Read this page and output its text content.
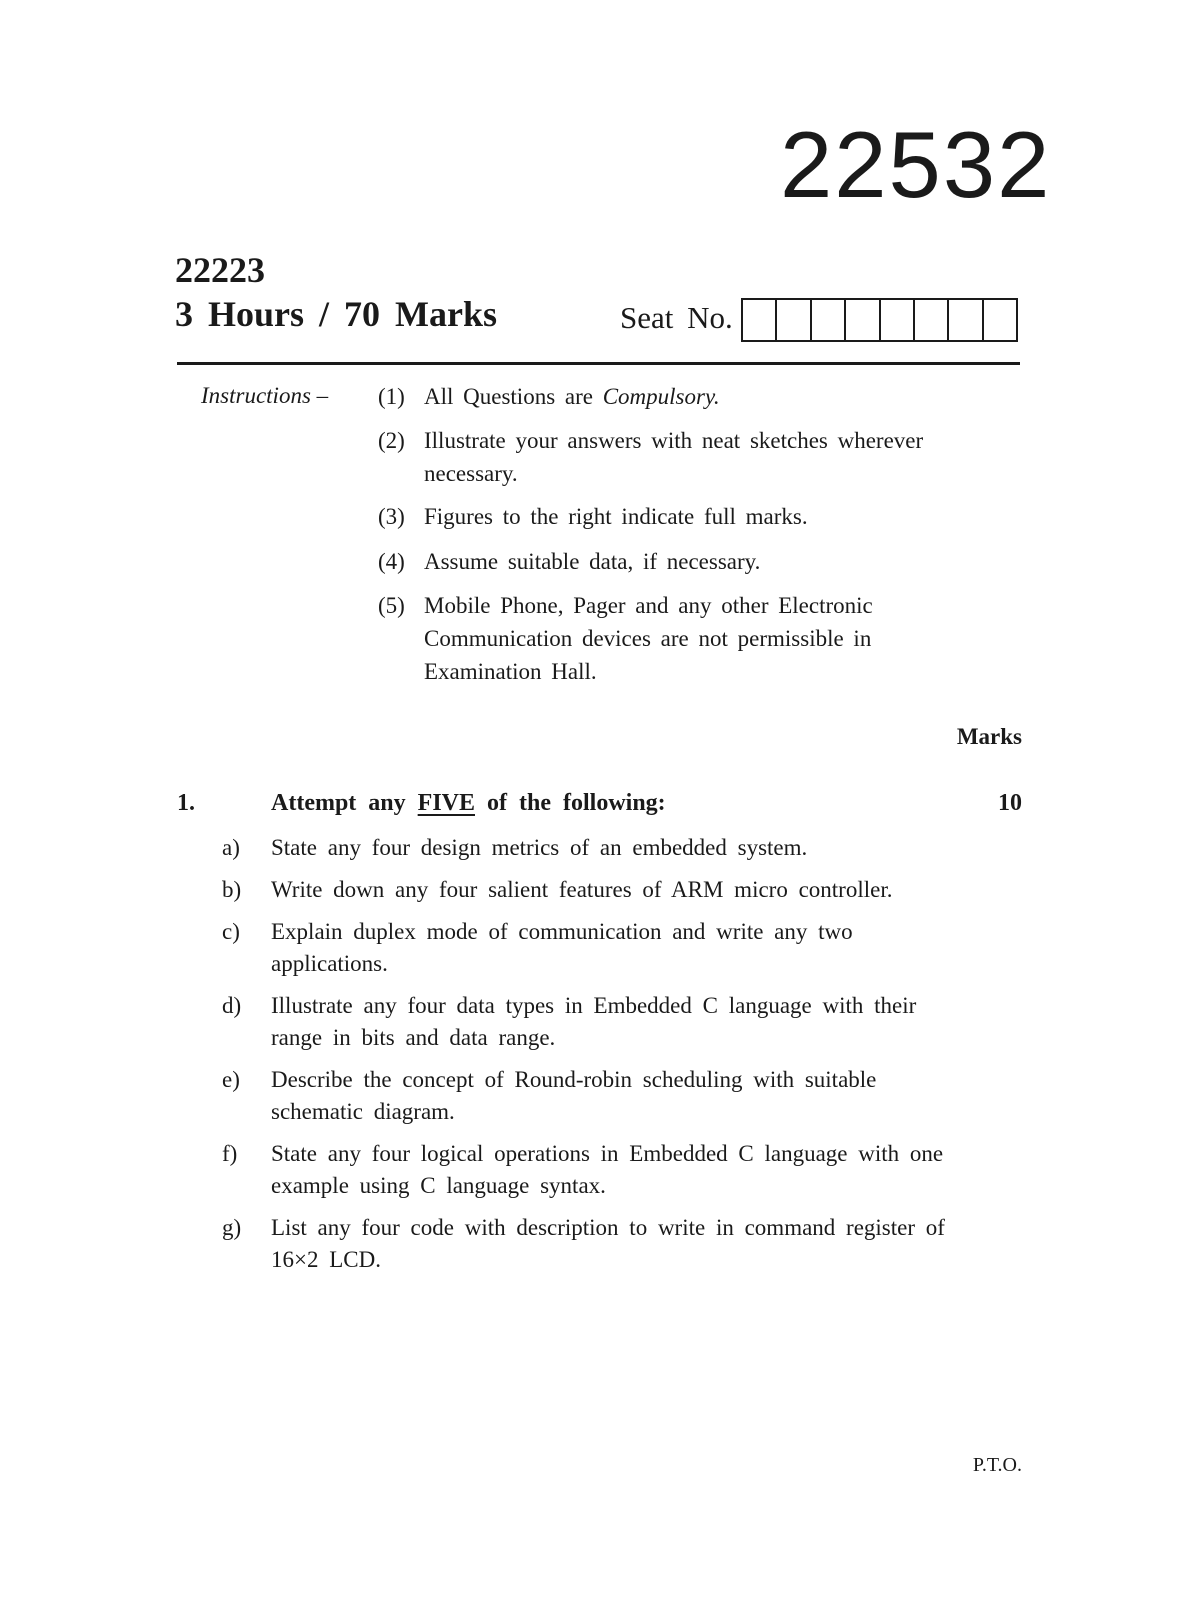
22532
22223
3 Hours / 70 Marks	Seat No.
Instructions – (1) All Questions are Compulsory.
(2) Illustrate your answers with neat sketches wherever necessary.
(3) Figures to the right indicate full marks.
(4) Assume suitable data, if necessary.
(5) Mobile Phone, Pager and any other Electronic Communication devices are not permissible in Examination Hall.
Marks
1.	Attempt any FIVE of the following:	10
a)	State any four design metrics of an embedded system.
b)	Write down any four salient features of ARM micro controller.
c)	Explain duplex mode of communication and write any two applications.
d)	Illustrate any four data types in Embedded C language with their range in bits and data range.
e)	Describe the concept of Round-robin scheduling with suitable schematic diagram.
f)	State any four logical operations in Embedded C language with one example using C language syntax.
g)	List any four code with description to write in command register of 16×2 LCD.
P.T.O.
